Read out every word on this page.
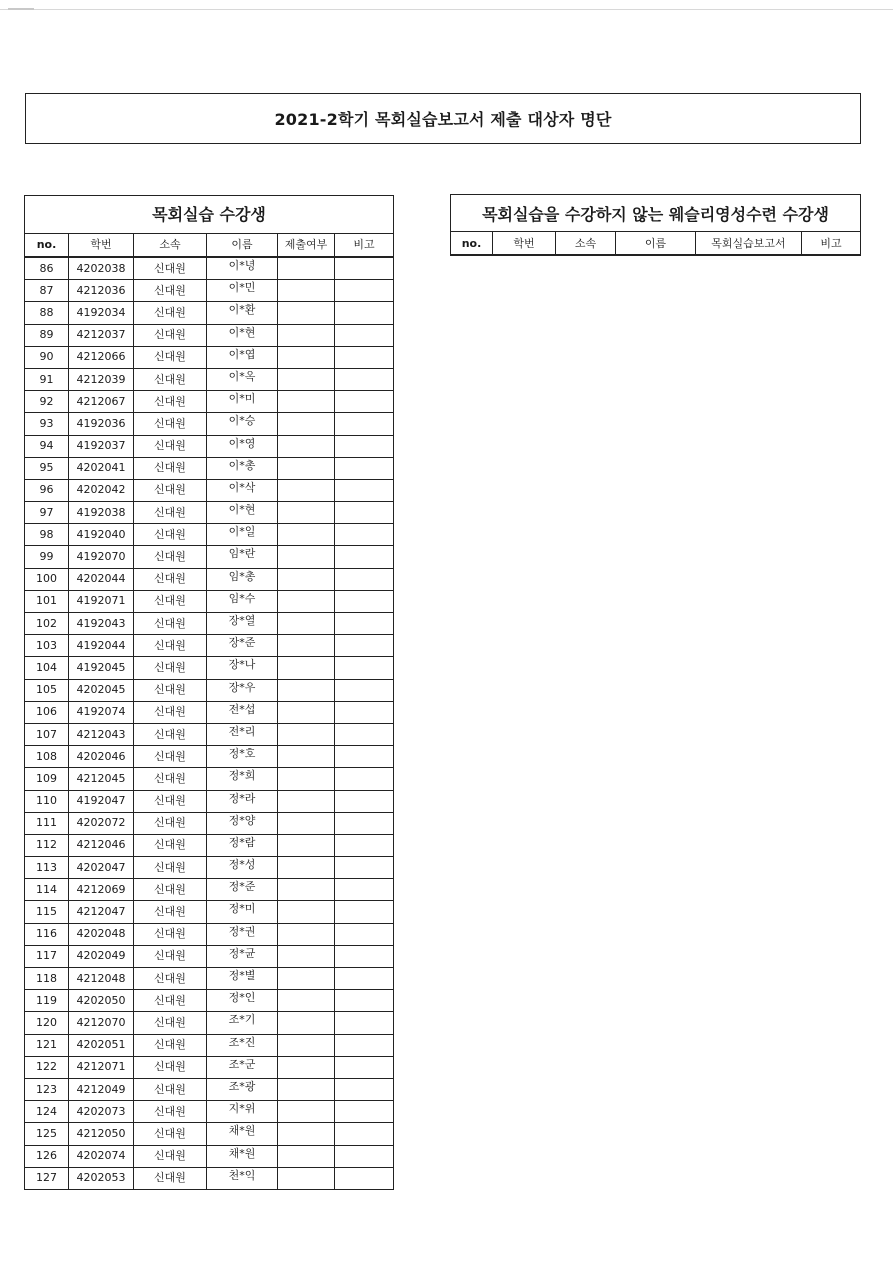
2021-2학기 목회실습보고서 제출 대상자 명단
목회실습 수강생					
no.	학번	소속	이름	제출여부	비고
86	4202038	신대원	이*녕		
87	4212036	신대원	이*민		
88	4192034	신대원	이*환		
89	4212037	신대원	이*현		
90	4212066	신대원	이*엽		
91	4212039	신대원	이*옥		
92	4212067	신대원	이*미		
93	4192036	신대원	이*승		
94	4192037	신대원	이*영		
95	4202041	신대원	이*총		
96	4202042	신대원	이*삭		
97	4192038	신대원	이*현		
98	4192040	신대원	이*일		
99	4192070	신대원	임*란		
100	4202044	신대원	임*총		
101	4192071	신대원	임*수		
102	4192043	신대원	장*열		
103	4192044	신대원	장*준		
104	4192045	신대원	장*나		
105	4202045	신대원	장*우		
106	4192074	신대원	전*섭		
107	4212043	신대원	전*리		
108	4202046	신대원	정*호		
109	4212045	신대원	정*희		
110	4192047	신대원	정*라		
111	4202072	신대원	정*양		
112	4212046	신대원	정*람		
113	4202047	신대원	정*성		
114	4212069	신대원	정*준		
115	4212047	신대원	정*미		
116	4202048	신대원	정*권		
117	4202049	신대원	정*균		
118	4212048	신대원	정*별		
119	4202050	신대원	정*인		
120	4212070	신대원	조*기		
121	4202051	신대원	조*진		
122	4212071	신대원	조*군		
123	4212049	신대원	조*광		
124	4202073	신대원	지*위		
125	4212050	신대원	채*원		
126	4202074	신대원	채*원		
127	4202053	신대원	천*익		
목회실습을 수강하지 않는 웨슬리영성수련 수강생
no.	학번	소속	이름	목회실습보고서	비고
